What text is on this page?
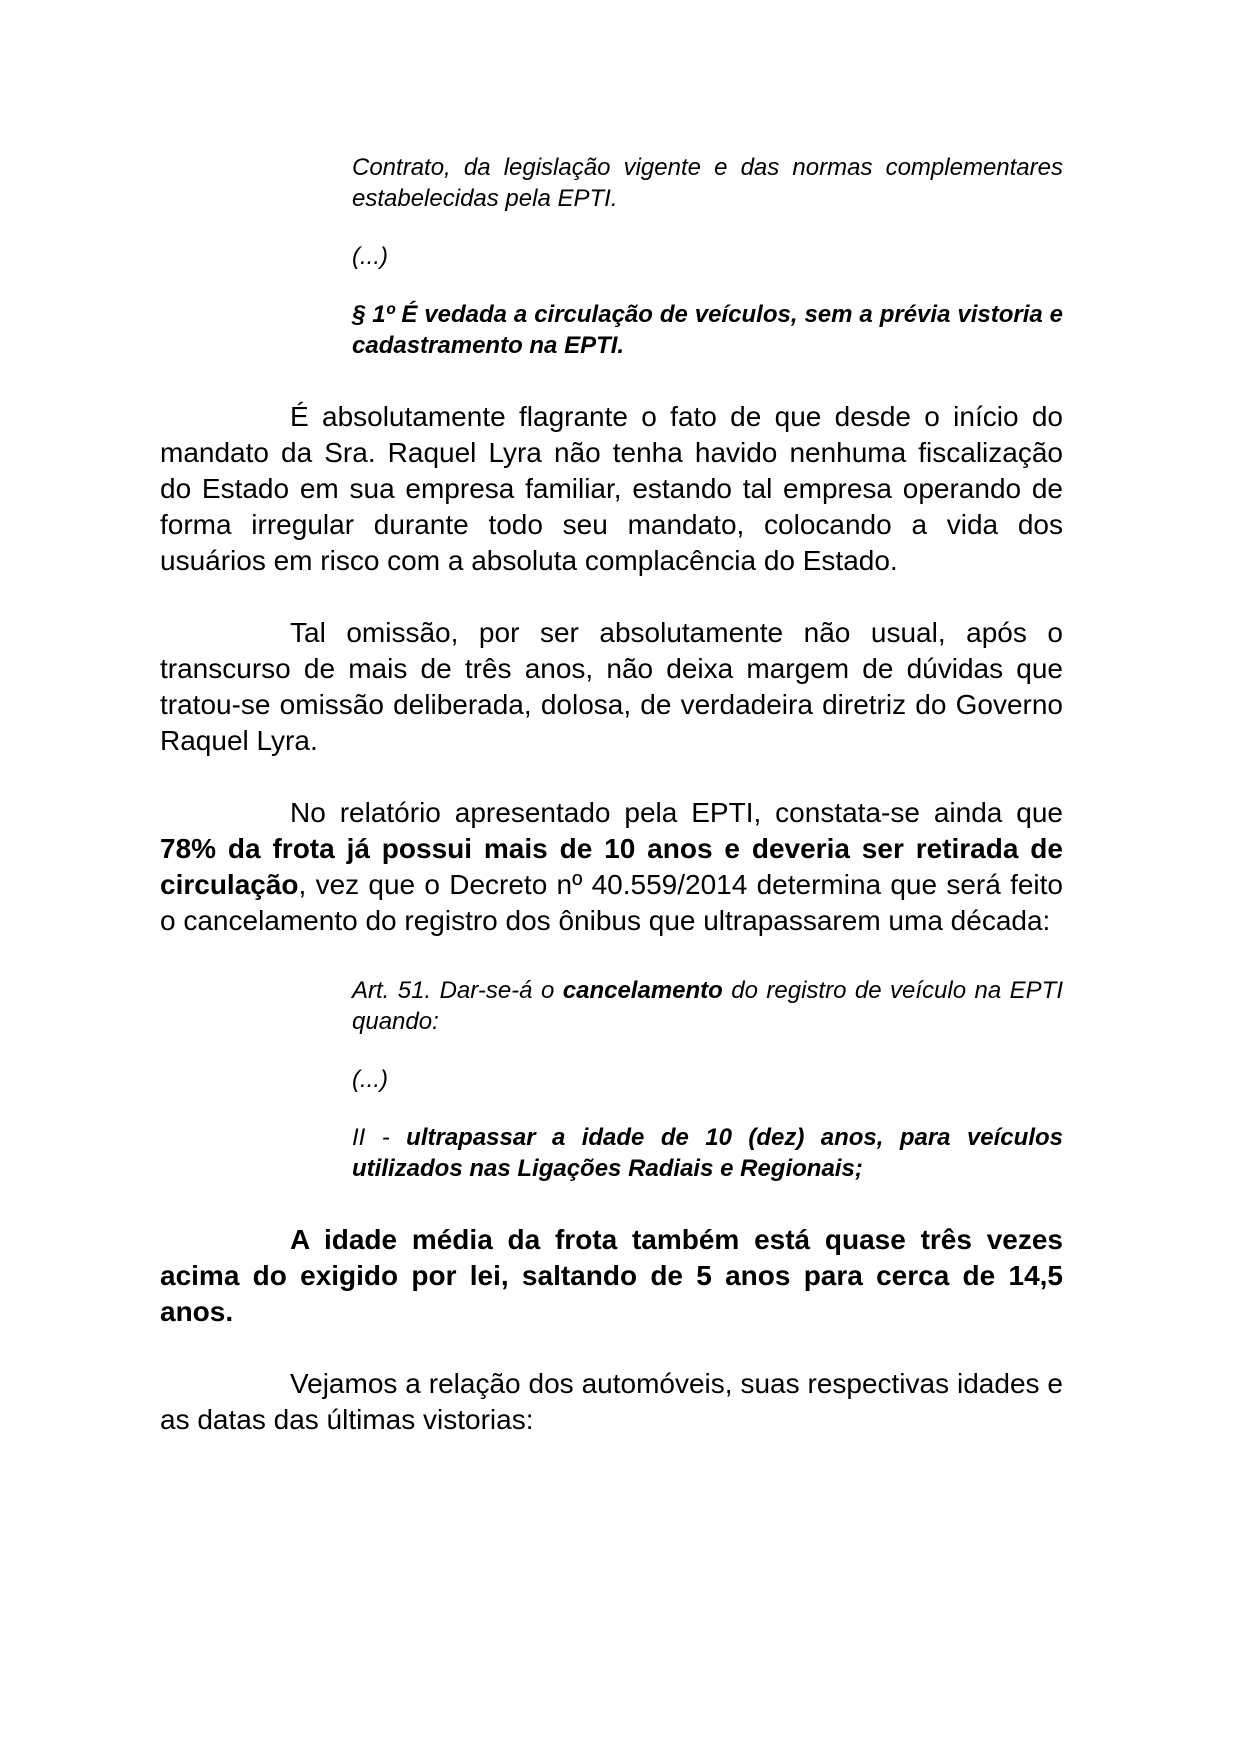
Contrato, da legislação vigente e das normas complementares estabelecidas pela EPTI.

(...)

§ 1º É vedada a circulação de veículos, sem a prévia vistoria e cadastramento na EPTI.

É absolutamente flagrante o fato de que desde o início do mandato da Sra. Raquel Lyra não tenha havido nenhuma fiscalização do Estado em sua empresa familiar, estando tal empresa operando de forma irregular durante todo seu mandato, colocando a vida dos usuários em risco com a absoluta complacência do Estado.

Tal omissão, por ser absolutamente não usual, após o transcurso de mais de três anos, não deixa margem de dúvidas que tratou-se omissão deliberada, dolosa, de verdadeira diretriz do Governo Raquel Lyra.

No relatório apresentado pela EPTI, constata-se ainda que 78% da frota já possui mais de 10 anos e deveria ser retirada de circulação, vez que o Decreto nº 40.559/2014 determina que será feito o cancelamento do registro dos ônibus que ultrapassarem uma década:

Art. 51. Dar-se-á o cancelamento do registro de veículo na EPTI quando:

(...)

II - ultrapassar a idade de 10 (dez) anos, para veículos utilizados nas Ligações Radiais e Regionais;

A idade média da frota também está quase três vezes acima do exigido por lei, saltando de 5 anos para cerca de 14,5 anos.

Vejamos a relação dos automóveis, suas respectivas idades e as datas das últimas vistorias:
